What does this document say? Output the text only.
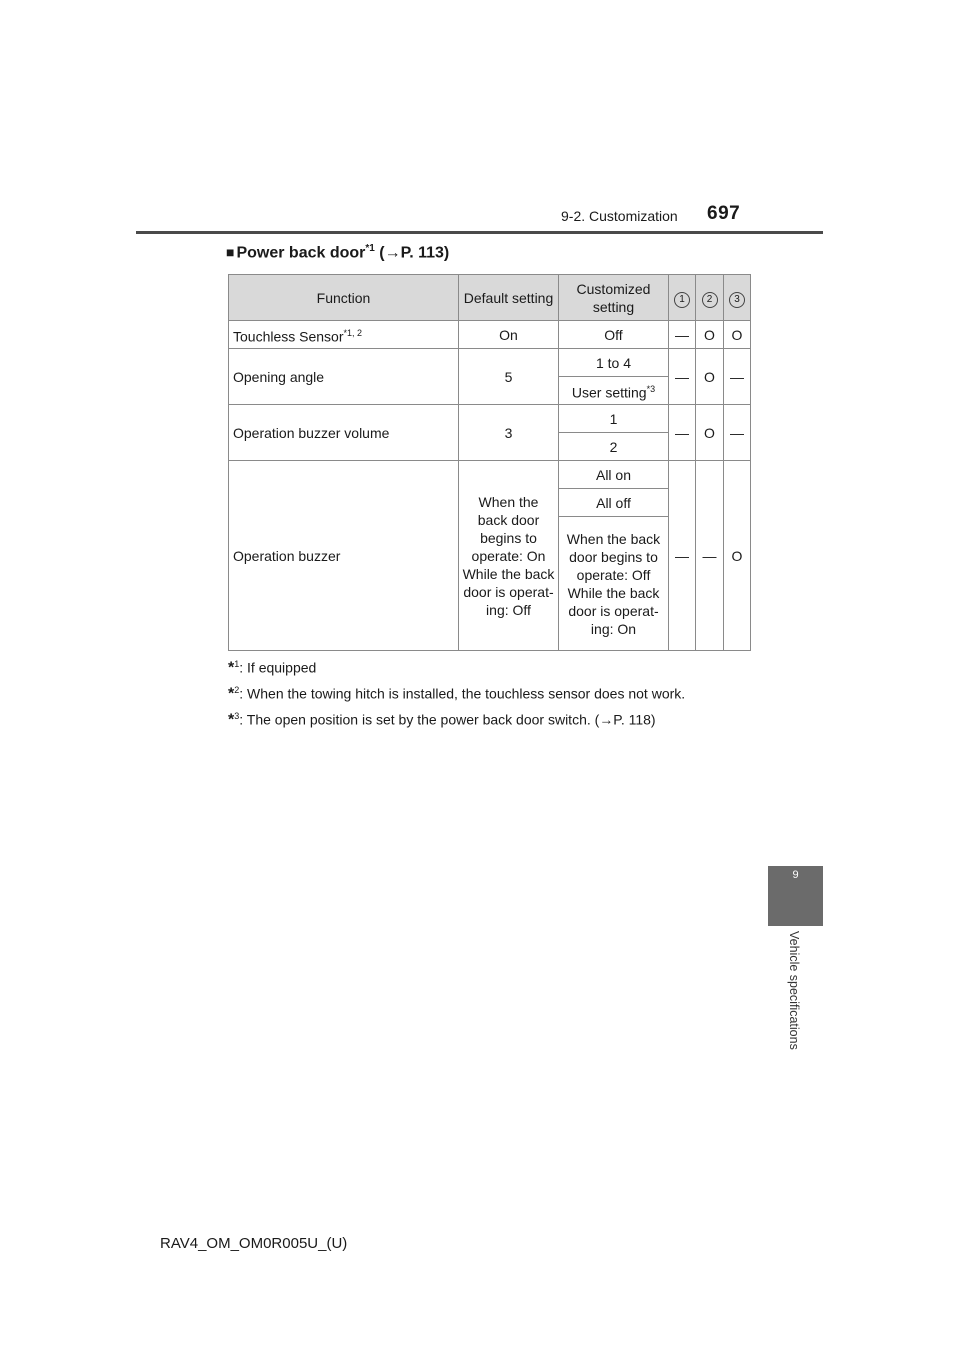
9-2. Customization 697
■ Power back door$^{*1}$ (→P. 113)
Function	Default setting	Customized setting	1	2	3
Touchless Sensor$^{*1, 2}$	On	Off	—	O	O
Opening angle	5	1 to 4	—	O	—
		User setting$^{*3}$
Operation buzzer volume	3	1	—	O	—
		2			
Operation buzzer	When the back door begins to operate: On While the back door is operat- ing: Off	All on	—	—	O
		All off			
		When the back door begins to operate: Off While the back door is operat- ing: On			
*$^1$: If equipped
*$^2$: When the towing hitch is installed, the touchless sensor does not work.
*$^3$: The open position is set by the power back door switch. (→P. 118)
9
Vehicle specifications
RAV4_OM_OM0R005U_(U)
